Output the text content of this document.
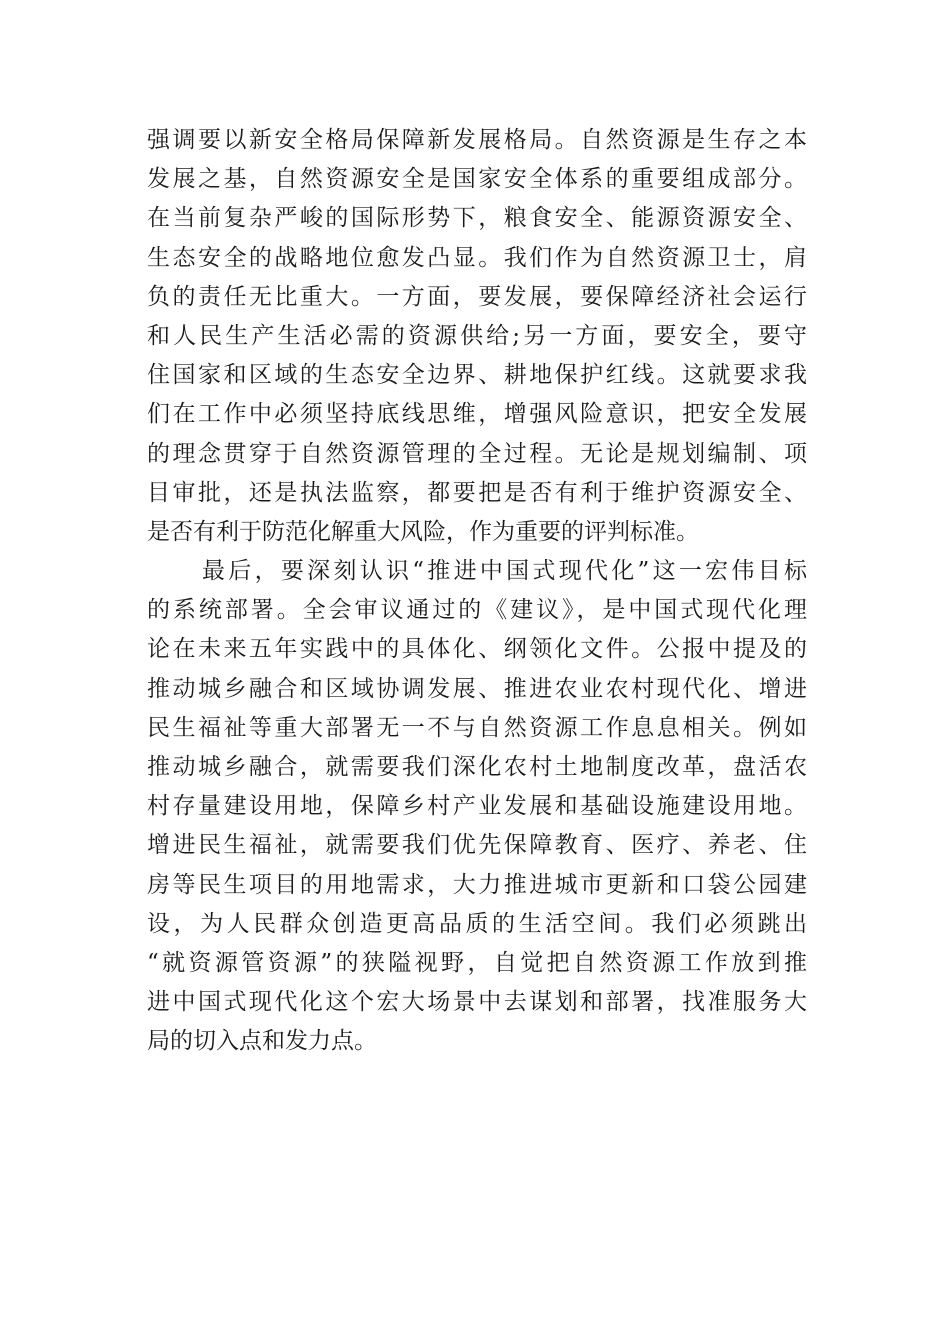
强调要以新安全格局保障新发展格局。自然资源是生存之本
发展之基，自然资源安全是国家安全体系的重要组成部分。
在当前复杂严峻的国际形势下，粮食安全、能源资源安全、
生态安全的战略地位愈发凸显。我们作为自然资源卫士，肩
负的责任无比重大。一方面，要发展，要保障经济社会运行
和人民生产生活必需的资源供给;另一方面，要安全，要守
住国家和区域的生态安全边界、耕地保护红线。这就要求我
们在工作中必须坚持底线思维，增强风险意识，把安全发展
的理念贯穿于自然资源管理的全过程。无论是规划编制、项
目审批，还是执法监察，都要把是否有利于维护资源安全、
是否有利于防范化解重大风险，作为重要的评判标准。
最后，要深刻认识“推进中国式现代化”这一宏伟目标
的系统部署。全会审议通过的《建议》，是中国式现代化理
论在未来五年实践中的具体化、纲领化文件。公报中提及的
推动城乡融合和区域协调发展、推进农业农村现代化、增进
民生福祉等重大部署无一不与自然资源工作息息相关。例如
推动城乡融合，就需要我们深化农村土地制度改革，盘活农
村存量建设用地，保障乡村产业发展和基础设施建设用地。
增进民生福祉，就需要我们优先保障教育、医疗、养老、住
房等民生项目的用地需求，大力推进城市更新和口袋公园建
设，为人民群众创造更高品质的生活空间。我们必须跳出
“就资源管资源”的狭隘视野，自觉把自然资源工作放到推
进中国式现代化这个宏大场景中去谋划和部署，找准服务大
局的切入点和发力点。
